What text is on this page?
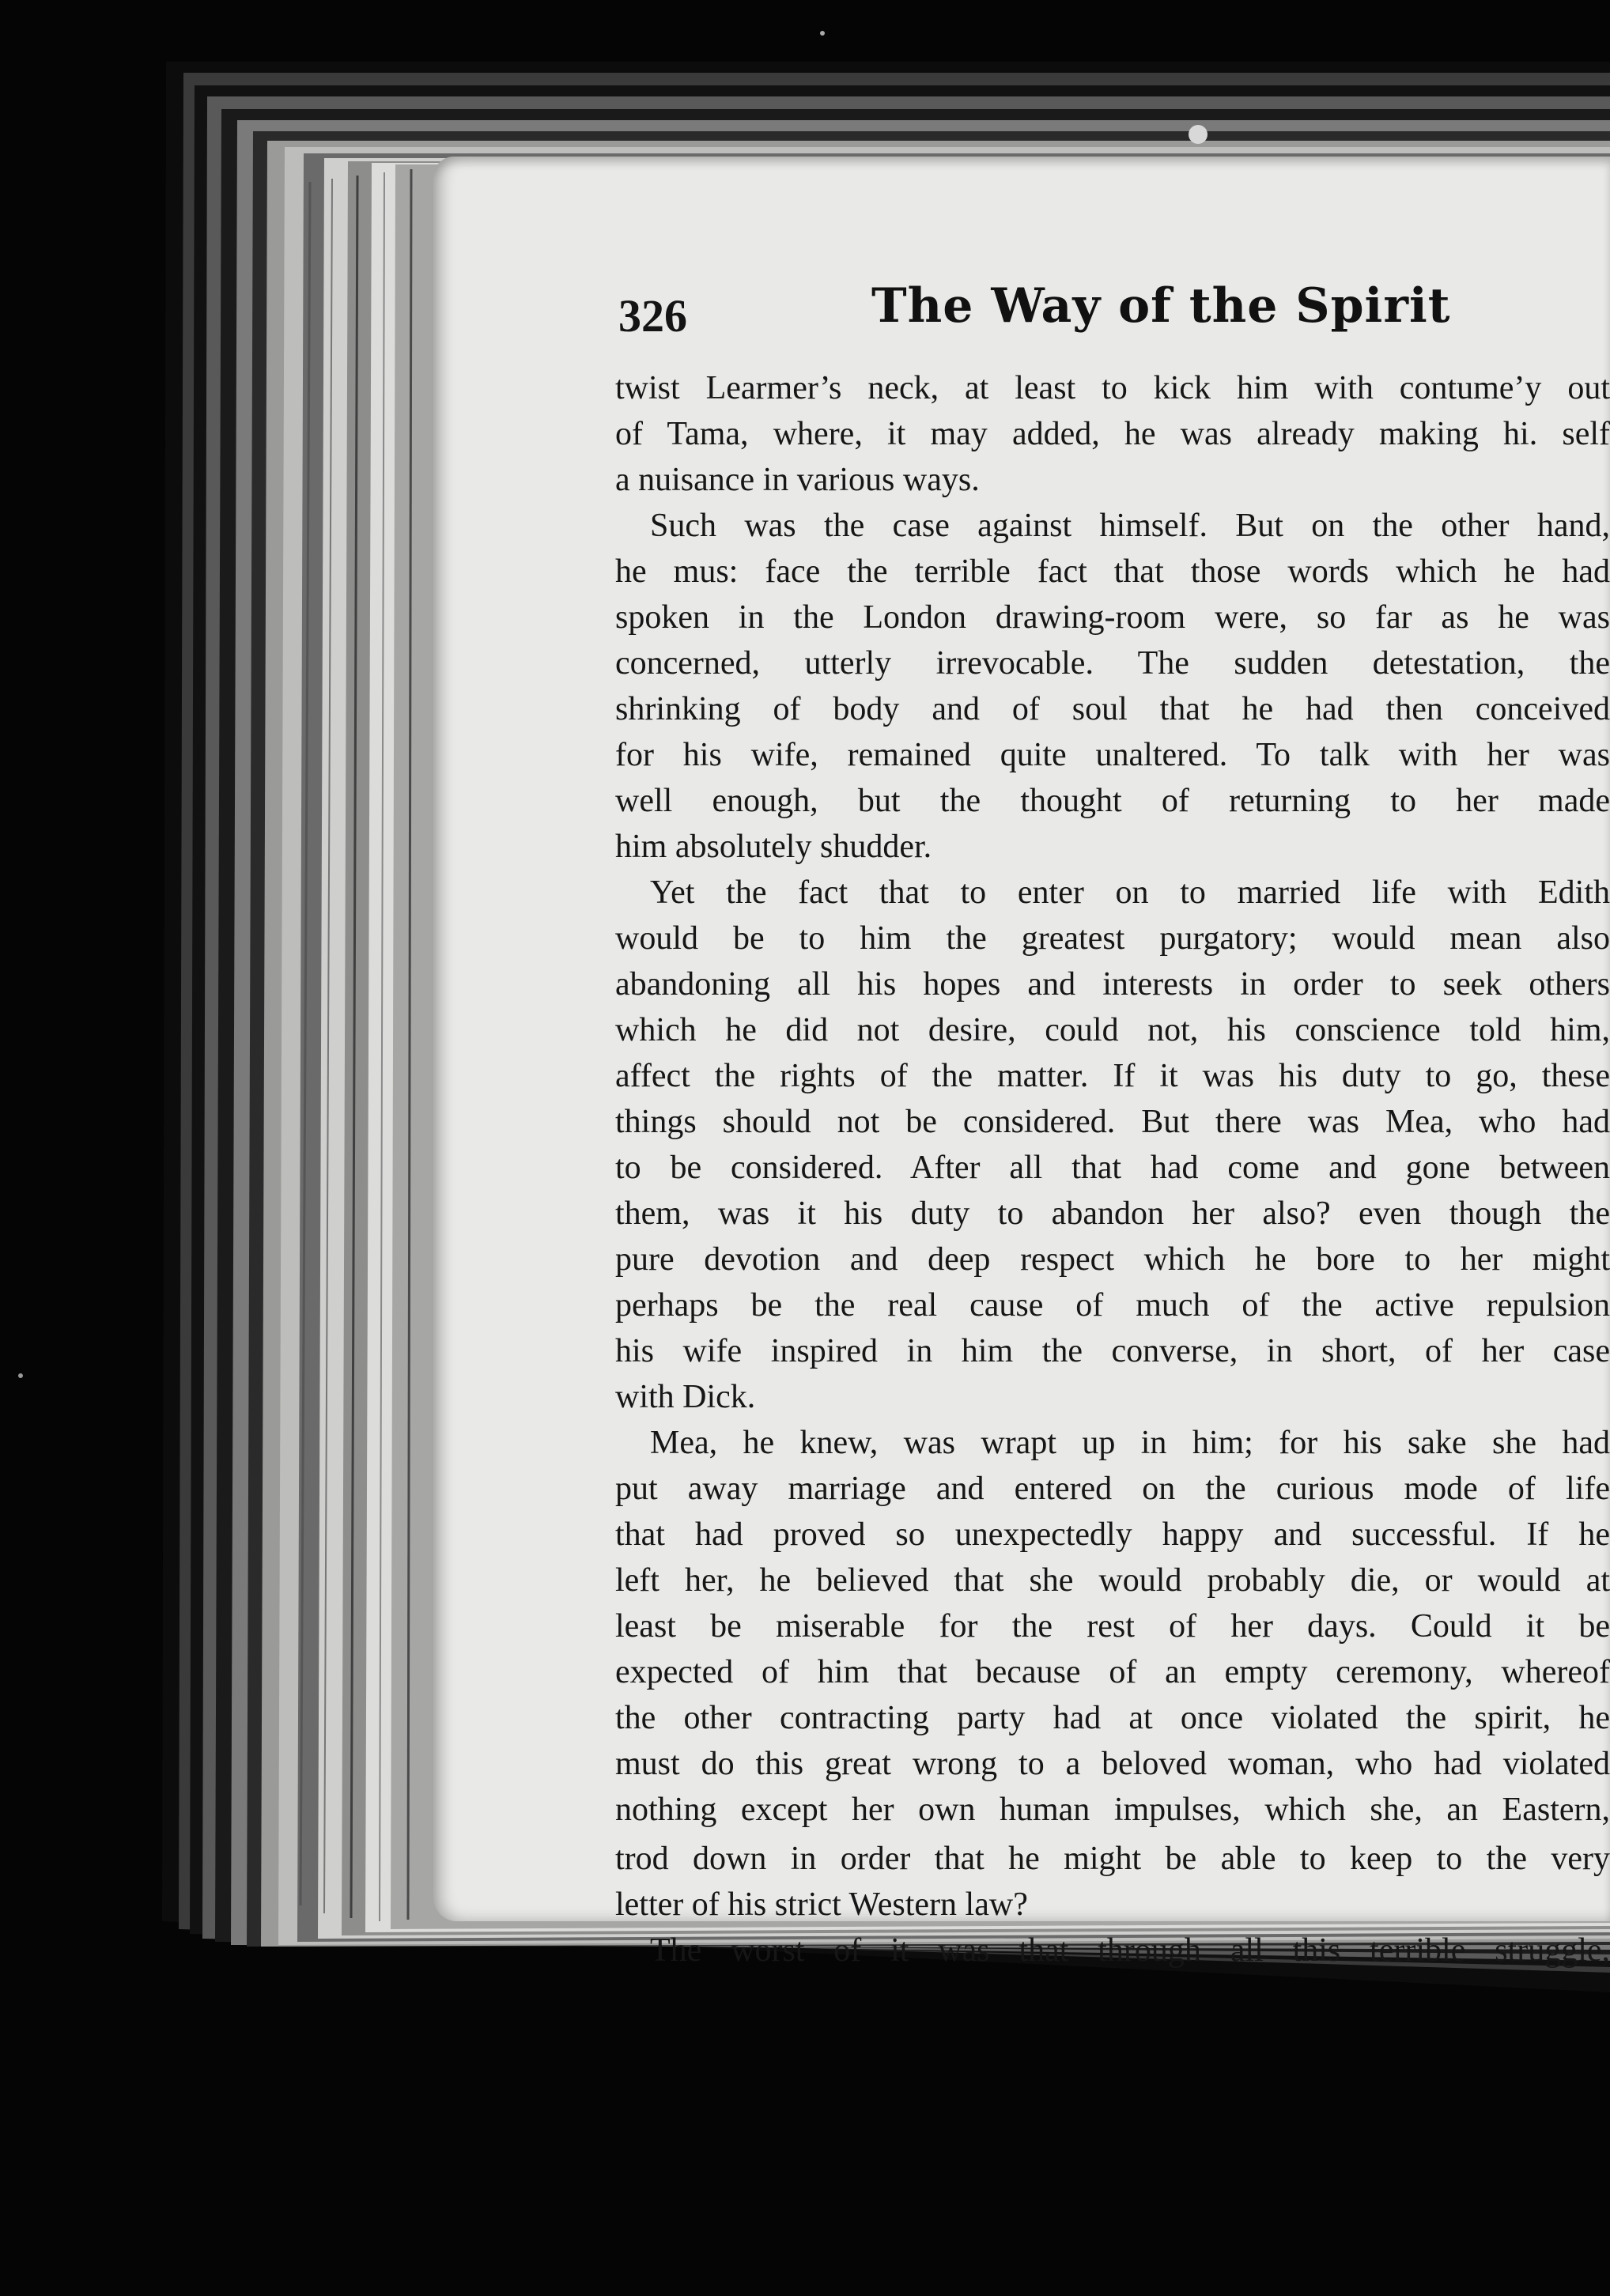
326	The Way of the Spirit
twist Learmer’s neck, at least to kick him with contume’y out
of Tama, where, it may added, he was already making hi. self
a nuisance in various ways.
Such was the case against himself. But on the other hand,
he mus: face the terrible fact that those words which he had
spoken in the London drawing-room were, so far as he was
concerned, utterly irrevocable. The sudden detestation, the
shrinking of body and of soul that he had then conceived
for his wife, remained quite unaltered. To talk with her was
well enough, but the thought of returning to her made
him absolutely shudder.
Yet the fact that to enter on to married life with Edith
would be to him the greatest purgatory; would mean also
abandoning all his hopes and interests in order to seek others
which he did not desire, could not, his conscience told him,
affect the rights of the matter. If it was his duty to go, these
things should not be considered. But there was Mea, who had
to be considered. After all that had come and gone between
them, was it his duty to abandon her also? even though the
pure devotion and deep respect which he bore to her might
perhaps be the real cause of much of the active repulsion
his wife inspired in him the converse, in short, of her case
with Dick.
Mea, he knew, was wrapt up in him; for his sake she had
put away marriage and entered on the curious mode of life
that had proved so unexpectedly happy and successful. If he
left her, he believed that she would probably die, or would at
least be miserable for the rest of her days. Could it be
expected of him that because of an empty ceremony, whereof
the other contracting party had at once violated the spirit, he
must do this great wrong to a beloved woman, who had violated
nothing except her own human impulses, which she, an Eastern,
trod down in order that he might be able to keep to the very
letter of his strict Western law?
The worst of it was that through all this terrible struggle,
